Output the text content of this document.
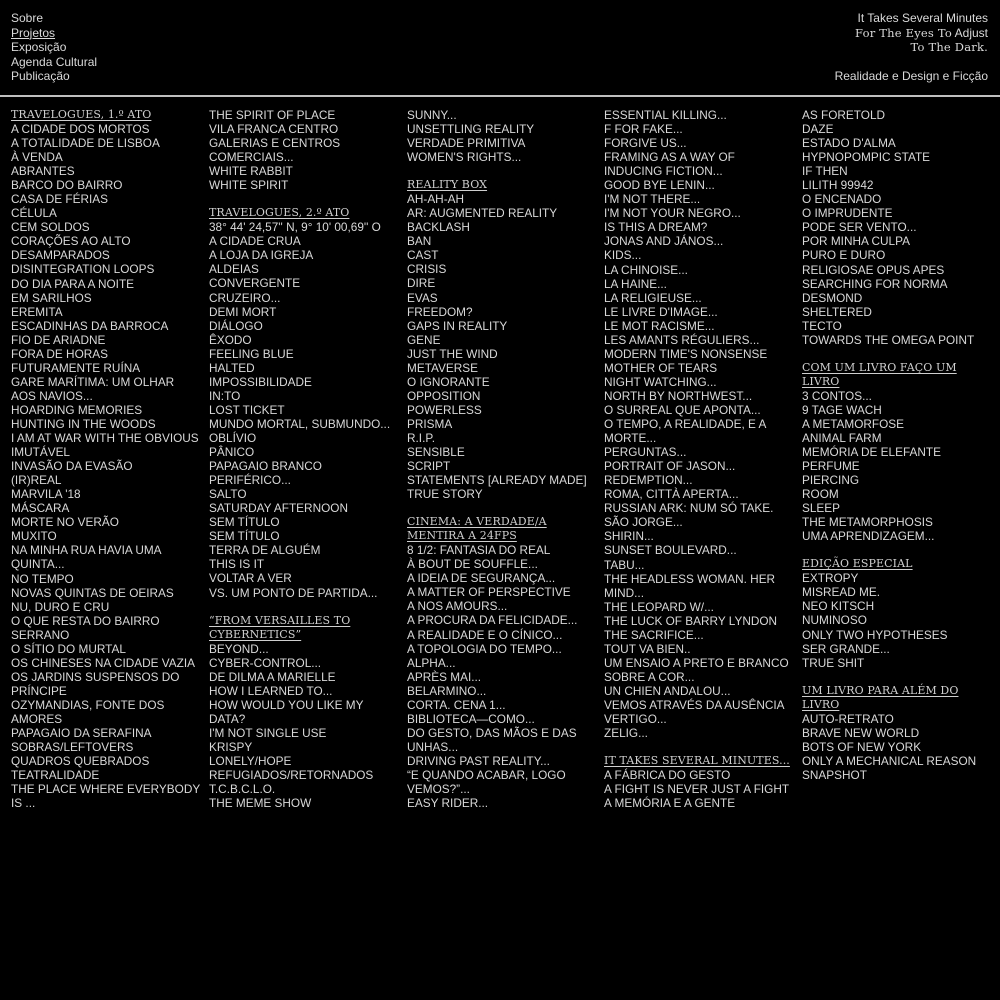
Sobre
Projetos
Exposição
Agenda Cultural
Publicação
It Takes Several Minutes
For The Eyes To Adjust
To The Dark.
Realidade e Design e Ficção
TRAVELOGUES, 1.º ATO
A CIDADE DOS MORTOS
A TOTALIDADE DE LISBOA
À VENDA
ABRANTES
BARCO DO BAIRRO
CASA DE FÉRIAS
CÉLULA
CEM SOLDOS
CORAÇÕES AO ALTO
DESAMPARADOS
DISINTEGRATION LOOPS
DO DIA PARA A NOITE
EM SARILHOS
EREMITA
ESCADINHAS DA BARROCA
FIO DE ARIADNE
FORA DE HORAS
FUTURAMENTE RUÍNA
GARE MARÍTIMA: UM OLHAR AOS NAVIOS...
HOARDING MEMORIES
HUNTING IN THE WOODS
I AM AT WAR WITH THE OBVIOUS
IMUTÁVEL
INVASÃO DA EVASÃO
(IR)REAL
MARVILA '18
MÁSCARA
MORTE NO VERÃO
MUXITO
NA MINHA RUA HAVIA UMA QUINTA...
NO TEMPO
NOVAS QUINTAS DE OEIRAS
NU, DURO E CRU
O QUE RESTA DO BAIRRO SERRANO
O SÍTIO DO MURTAL
OS CHINESES NA CIDADE VAZIA
OS JARDINS SUSPENSOS DO PRÍNCIPE
OZYMANDIAS, FONTE DOS AMORES
PAPAGAIO DA SERAFINA
SOBRAS/LEFTOVERS
QUADROS QUEBRADOS
TEATRALIDADE
THE PLACE WHERE EVERYBODY IS ...
THE SPIRIT OF PLACE
VILA FRANCA CENTRO
GALERIAS E CENTROS COMERCIAIS...
WHITE RABBIT
WHITE SPIRIT
TRAVELOGUES, 2.º ATO
38° 44' 24,57'' N, 9° 10' 00,69'' O
A CIDADE CRUA
A LOJA DA IGREJA
ALDEIAS
CONVERGENTE
CRUZEIRO...
DEMI MORT
DIÁLOGO
ÊXODO
FEELING BLUE
HALTED
IMPOSSIBILIDADE
IN:TO
LOST TICKET
MUNDO MORTAL, SUBMUNDO...
OBLÍVIO
PÂNICO
PAPAGAIO BRANCO
PERIFÉRICO...
SALTO
SATURDAY AFTERNOON
SEM TÍTULO
SEM TÍTULO
TERRA DE ALGUÉM
THIS IS IT
VOLTAR A VER
VS. UM PONTO DE PARTIDA...
“FROM VERSAILLES TO CYBERNETICS”
BEYOND...
CYBER-CONTROL...
DE DILMA A MARIELLE
HOW I LEARNED TO...
HOW WOULD YOU LIKE MY DATA?
I'M NOT SINGLE USE
KRISPY
LONELY/HOPE
REFUGIADOS/RETORNADOS
T.C.B.C.L.O.
THE MEME SHOW
SUNNY...
UNSETTLING REALITY
VERDADE PRIMITIVA
WOMEN'S RIGHTS...
REALITY BOX
AH-AH-AH
AR: AUGMENTED REALITY
BACKLASH
BAN
CAST
CRISIS
DIRE
EVAS
FREEDOM?
GAPS IN REALITY
GENE
JUST THE WIND
METAVERSE
O IGNORANTE
OPPOSITION
POWERLESS
PRISMA
R.I.P.
SENSIBLE
SCRIPT
STATEMENTS [ALREADY MADE]
TRUE STORY
CINEMA: A VERDADE/A MENTIRA A 24FPS
8 1/2: FANTASIA DO REAL
À BOUT DE SOUFFLE...
A IDEIA DE SEGURANÇA...
A MATTER OF PERSPECTIVE
A NOS AMOURS...
A PROCURA DA FELICIDADE...
A REALIDADE E O CÍNICO...
A TOPOLOGIA DO TEMPO...
ALPHA...
APRÈS MAI...
BELARMINO...
CORTA. CENA 1...
BIBLIOTECA—COMO...
DO GESTO, DAS MÃOS E DAS UNHAS...
DRIVING PAST REALITY...
“E QUANDO ACABAR, LOGO VEMOS?”...
EASY RIDER...
ESSENTIAL KILLING...
F FOR FAKE...
FORGIVE US...
FRAMING AS A WAY OF INDUCING FICTION...
GOOD BYE LENIN...
I'M NOT THERE...
I'M NOT YOUR NEGRO...
IS THIS A DREAM?
JONAS AND JÁNOS...
KIDS...
LA CHINOISE...
LA HAINE...
LA RELIGIEUSE...
LE LIVRE D'IMAGE...
LE MOT RACISME...
LES AMANTS RÉGULIERS...
MODERN TIME'S NONSENSE
MOTHER OF TEARS
NIGHT WATCHING...
NORTH BY NORTHWEST...
O SURREAL QUE APONTA...
O TEMPO, A REALIDADE, E A MORTE...
PERGUNTAS...
PORTRAIT OF JASON...
REDEMPTION...
ROMA, CITTÀ APERTA...
RUSSIAN ARK: NUM SÓ TAKE.
SÃO JORGE...
SHIRIN...
SUNSET BOULEVARD...
TABU...
THE HEADLESS WOMAN. HER MIND...
THE LEOPARD W/...
THE LUCK OF BARRY LYNDON
THE SACRIFICE...
TOUT VA BIEN..
UM ENSAIO A PRETO E BRANCO SOBRE A COR...
UN CHIEN ANDALOU...
VEMOS ATRAVÉS DA AUSÊNCIA
VERTIGO...
ZELIG...
IT TAKES SEVERAL MINUTES...
A FÁBRICA DO GESTO
A FIGHT IS NEVER JUST A FIGHT
A MEMÓRIA E A GENTE
AS FORETOLD
DAZE
ESTADO D'ALMA
HYPNOPOMPIC STATE
IF THEN
LILITH 99942
O ENCENADO
O IMPRUDENTE
PODE SER VENTO...
POR MINHA CULPA
PURO E DURO
RELIGIOSAE OPUS APES
SEARCHING FOR NORMA
DESMOND
SHELTERED
TECTO
TOWARDS THE OMEGA POINT
COM UM LIVRO FAÇO UM LIVRO
3 CONTOS...
9 TAGE WACH
A METAMORFOSE
ANIMAL FARM
MEMÓRIA DE ELEFANTE
PERFUME
PIERCING
ROOM
SLEEP
THE METAMORPHOSIS
UMA APRENDIZAGEM...
EDIÇÃO ESPECIAL
EXTROPY
MISREAD ME.
NEO KITSCH
NUMINOSO
ONLY TWO HYPOTHESES
SER GRANDE...
TRUE SHIT
UM LIVRO PARA ALÉM DO LIVRO
AUTO-RETRATO
BRAVE NEW WORLD
BOTS OF NEW YORK
ONLY A MECHANICAL REASON
SNAPSHOT
